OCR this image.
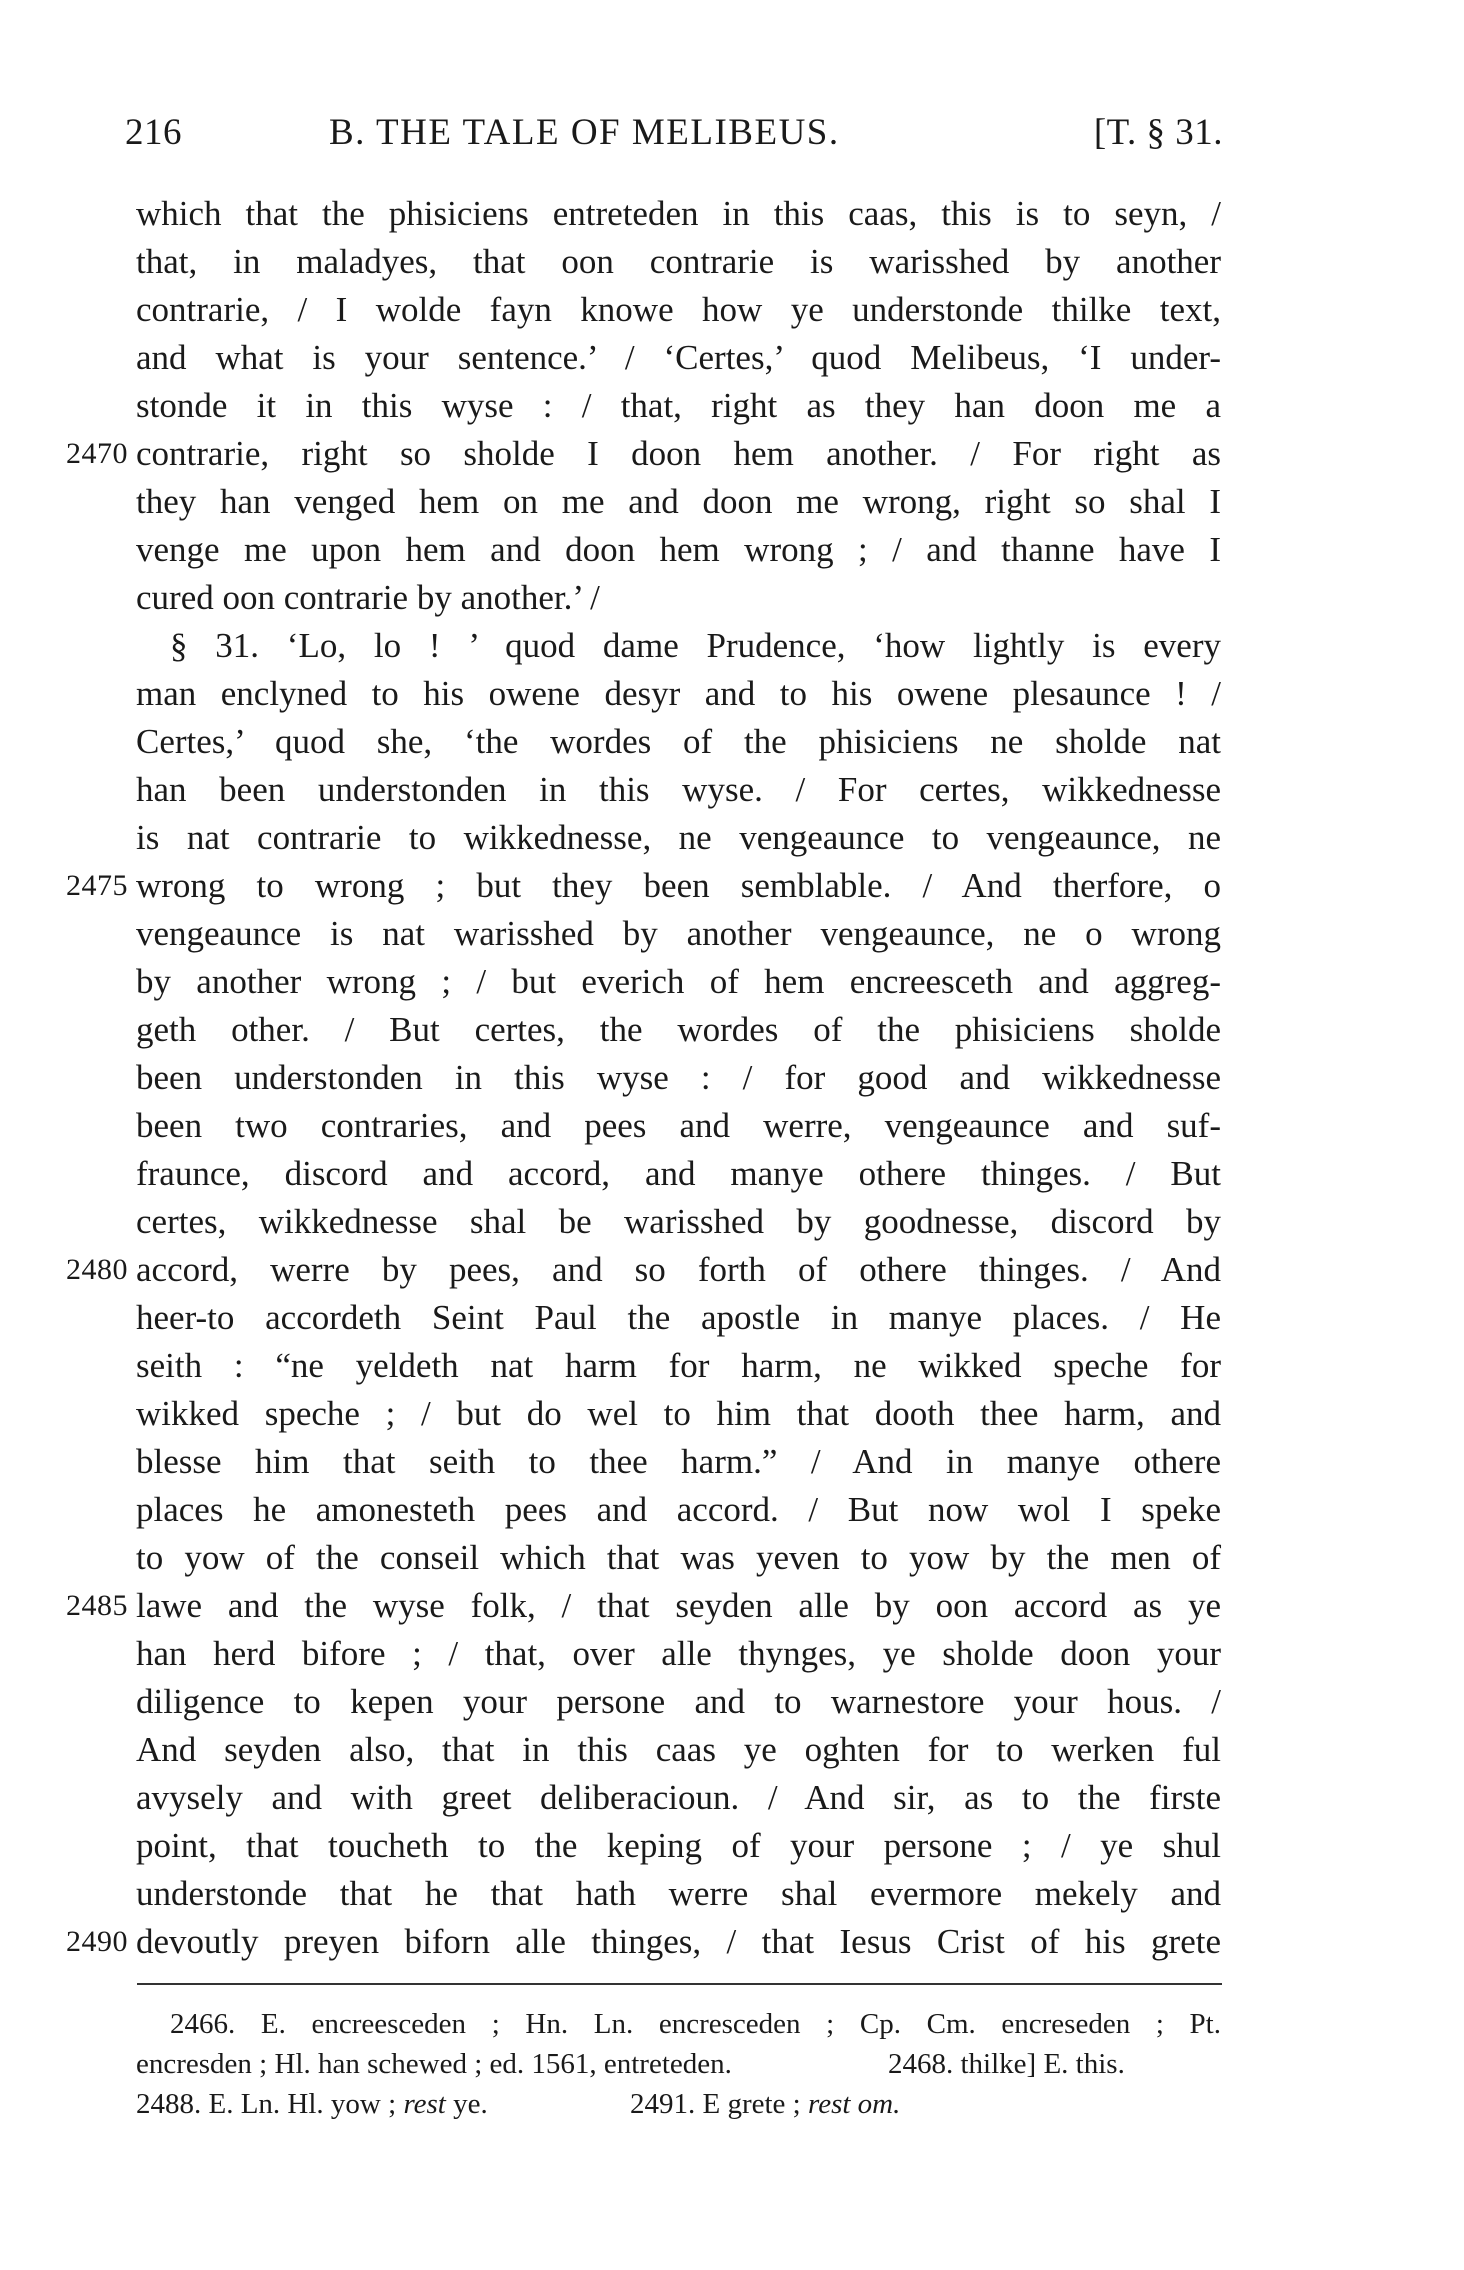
216	B. THE TALE OF MELIBEUS.	[T. § 31.
which that the phisiciens entreteden in this caas, this is to seyn, /
that, in maladyes, that oon contrarie is warisshed by another
contrarie, / I wolde fayn knowe how ye understonde thilke text,
and what is your sentence.’ / ‘Certes,’ quod Melibeus, ‘I under-
stonde it in this wyse : / that, right as they han doon me a
2470 contrarie, right so sholde I doon hem another. / For right as
they han venged hem on me and doon me wrong, right so shal I
venge me upon hem and doon hem wrong ; / and thanne have I
cured oon contrarie by another.’ /
§ 31. ‘Lo, lo ! ’ quod dame Prudence, ‘how lightly is every
man enclyned to his owene desyr and to his owene plesaunce ! /
Certes,’ quod she, ‘the wordes of the phisiciens ne sholde nat
han been understonden in this wyse. / For certes, wikkednesse
is nat contrarie to wikkednesse, ne vengeaunce to vengeaunce, ne
2475 wrong to wrong ; but they been semblable. / And therfore, o
vengeaunce is nat warisshed by another vengeaunce, ne o wrong
by another wrong ; / but everich of hem encreesceth and aggreg-
geth other. / But certes, the wordes of the phisiciens sholde
been understonden in this wyse : / for good and wikkednesse
been two contraries, and pees and werre, vengeaunce and suf-
fraunce, discord and accord, and manye othere thinges. / But
certes, wikkednesse shal be warisshed by goodnesse, discord by
2480 accord, werre by pees, and so forth of othere thinges. / And
heer-to accordeth Seint Paul the apostle in manye places. / He
seith : “ne yeldeth nat harm for harm, ne wikked speche for
wikked speche ; / but do wel to him that dooth thee harm, and
blesse him that seith to thee harm.” / And in manye othere
places he amonesteth pees and accord. / But now wol I speke
to yow of the conseil which that was yeven to yow by the men of
2485 lawe and the wyse folk, / that seyden alle by oon accord as ye
han herd bifore ; / that, over alle thynges, ye sholde doon your
diligence to kepen your persone and to warnestore your hous. /
And seyden also, that in this caas ye oghten for to werken ful
avysely and with greet deliberacioun. / And sir, as to the firste
point, that toucheth to the keping of your persone ; / ye shul
understonde that he that hath werre shal evermore mekely and
2490 devoutly preyen biforn alle thinges, / that Iesus Crist of his grete
2466. E. encreesceden ; Hn. Ln. encresceden ; Cp. Cm. encreseden ; Pt.
encresden ; Hl. han schewed ; ed. 1561, entreteden.	2468. thilke] E. this.
2488. E. Ln. Hl. yow ; rest ye.	2491. E grete ; rest om.
